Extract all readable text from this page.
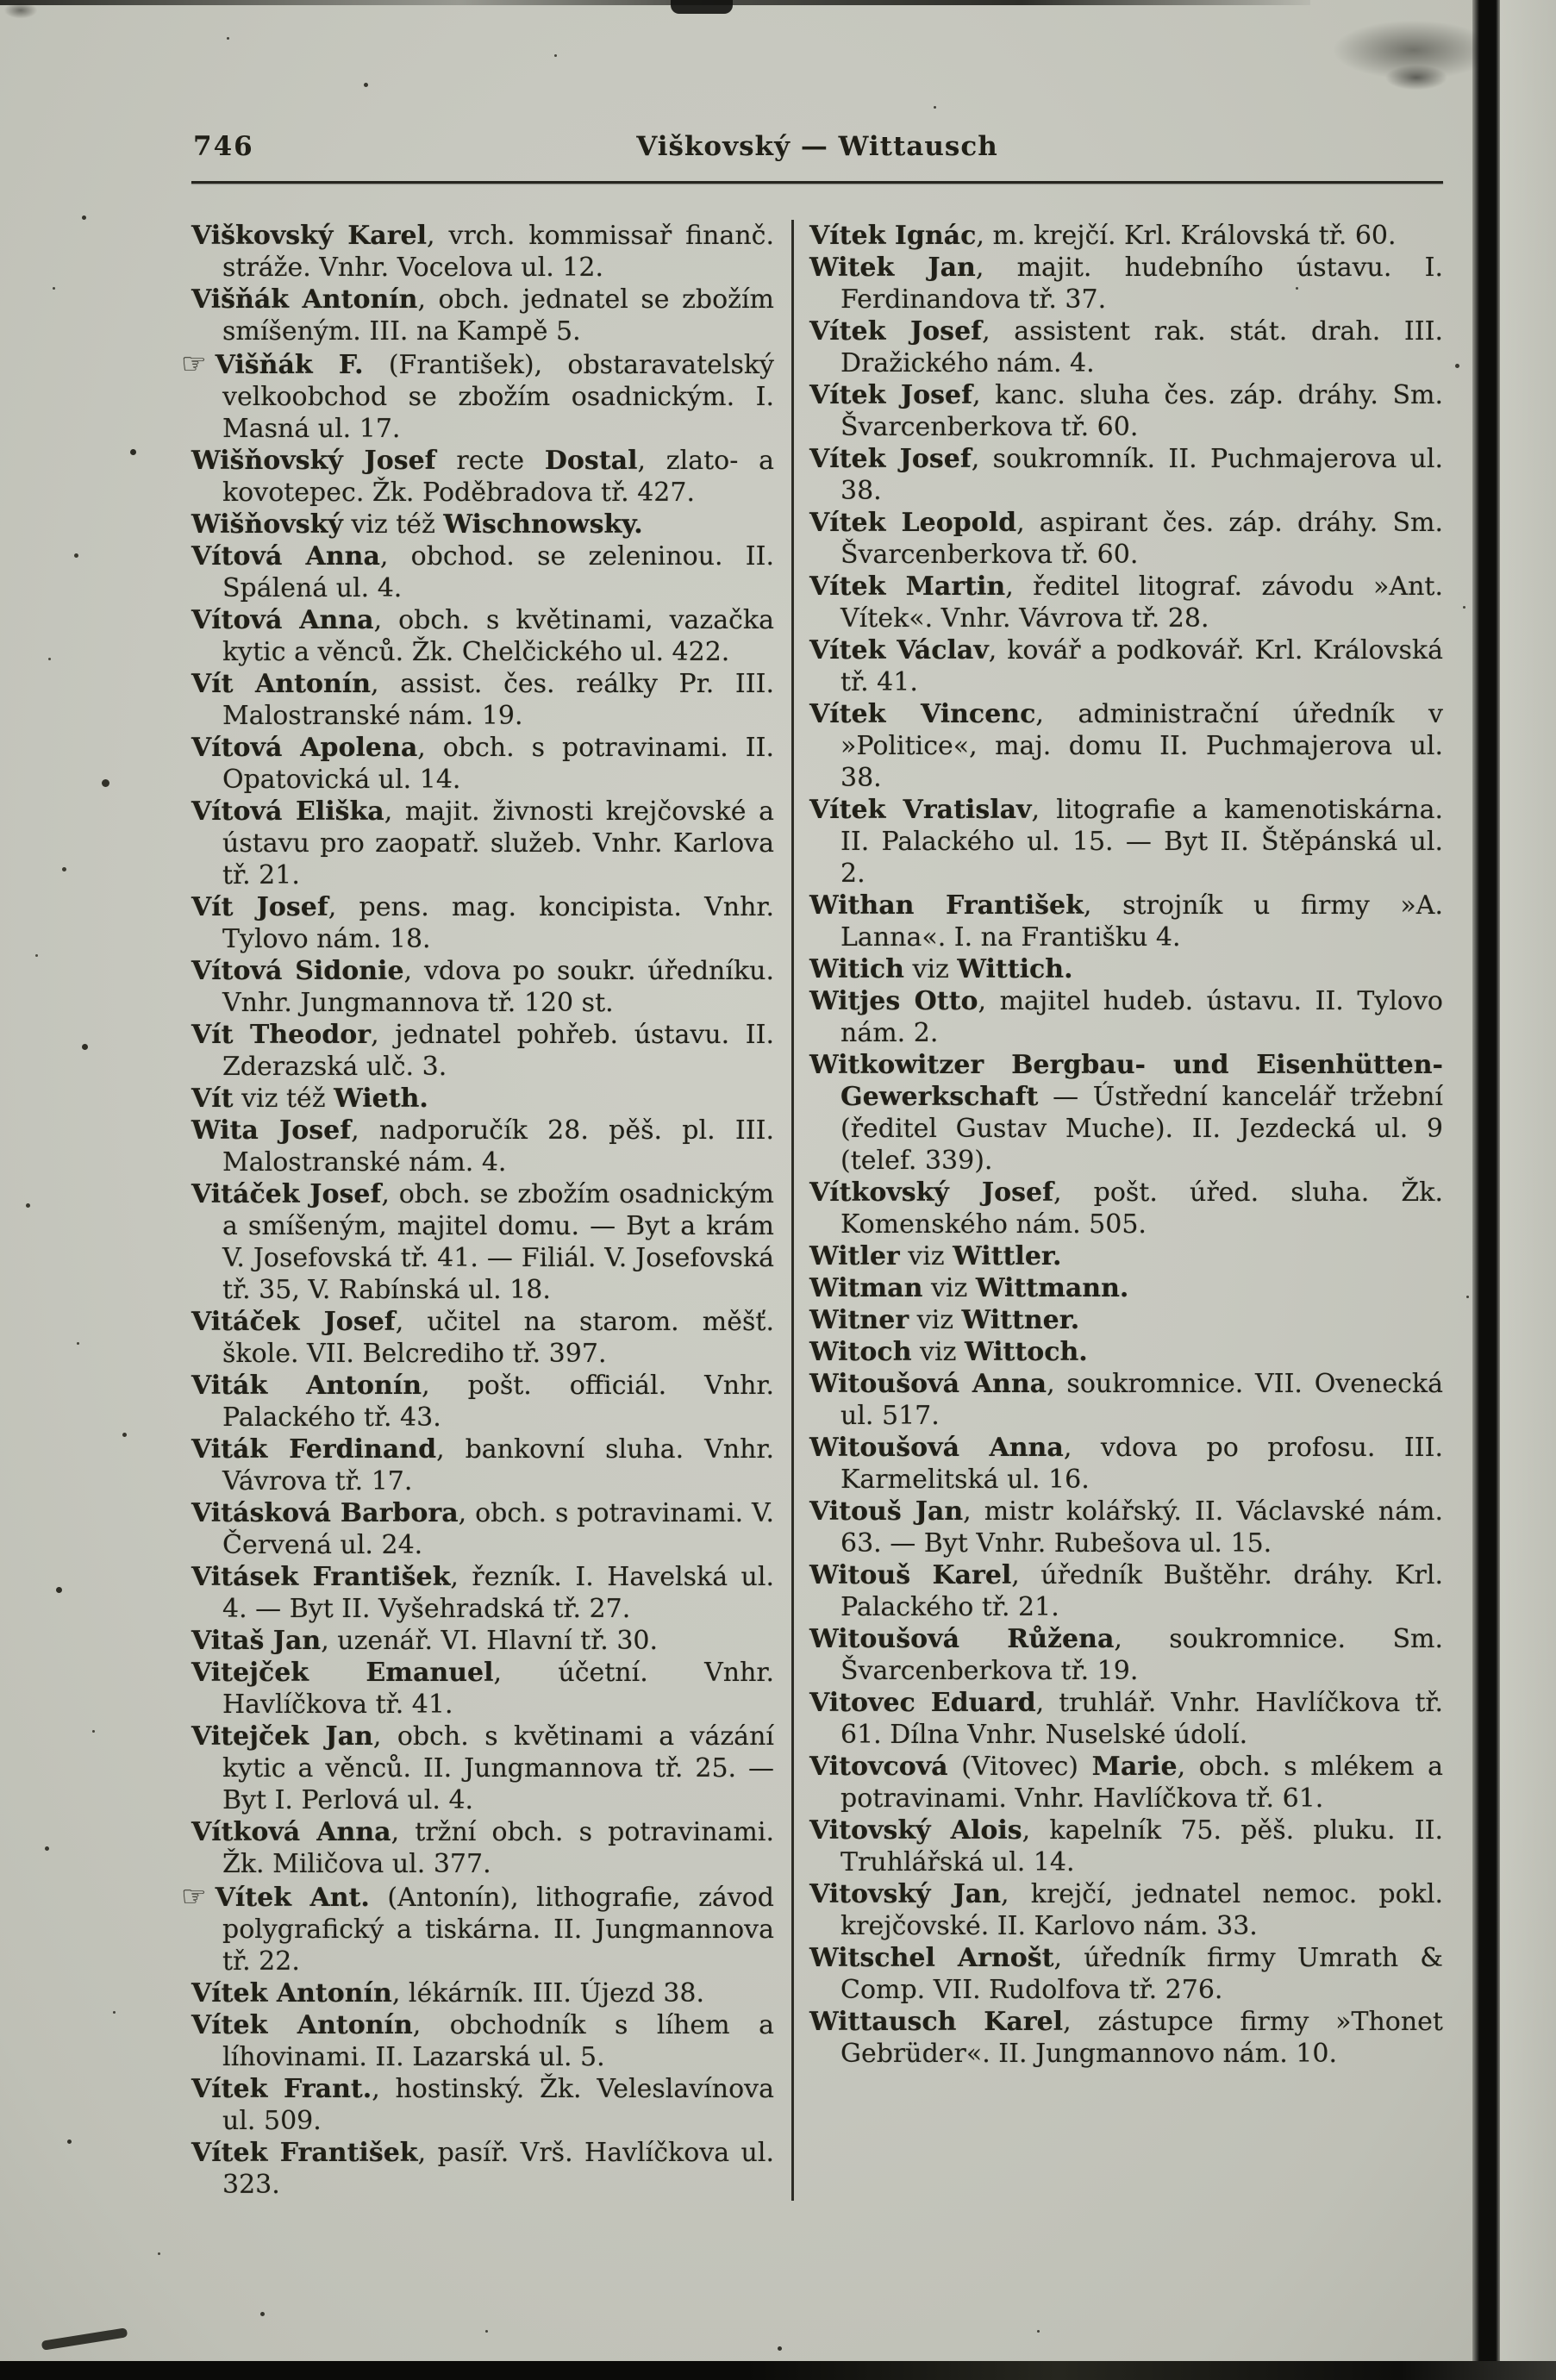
746	Viškovský — Wittausch

Viškovský Karel, vrch. kommissař finanč. stráže. Vnhr. Vocelova ul. 12.

Višňák Antonín, obch. jednatel se zbožím smíšeným. III. na Kampě 5.

☞ Višňák F. (František), obstaravatelský velkoobchod se zbožím osadnickým. I. Masná ul. 17.

Wišňovský Josef recte Dostal, zlato- a kovotepec. Žk. Poděbradova tř. 427.

Wišňovský viz též Wischnowsky.

Vítová Anna, obchod. se zeleninou. II. Spálená ul. 4.

Vítová Anna, obch. s květinami, vazačka kytic a věnců. Žk. Chelčického ul. 422.

Vít Antonín, assist. čes. reálky Pr. III. Malostranské nám. 19.

Vítová Apolena, obch. s potravinami. II. Opatovická ul. 14.

Vítová Eliška, majit. živnosti krejčovské a ústavu pro zaopatř. služeb. Vnhr. Karlova tř. 21.

Vít Josef, pens. mag. koncipista. Vnhr. Tylovo nám. 18.

Vítová Sidonie, vdova po soukr. úředníku. Vnhr. Jungmannova tř. 120 st.

Vít Theodor, jednatel pohřeb. ústavu. II. Zderazská ulč. 3.

Vít viz též Wieth.

Wita Josef, nadporučík 28. pěš. pl. III. Malostranské nám. 4.

Vitáček Josef, obch. se zbožím osadnickým a smíšeným, majitel domu. — Byt a krám V. Josefovská tř. 41. — Filiál. V. Josefovská tř. 35, V. Rabínská ul. 18.

Vitáček Josef, učitel na starom. měšť. škole. VII. Belcrediho tř. 397.

Viták Antonín, pošt. officiál. Vnhr. Palackého tř. 43.

Viták Ferdinand, bankovní sluha. Vnhr. Vávrova tř. 17.

Vitásková Barbora, obch. s potravinami. V. Červená ul. 24.

Vitásek František, řezník. I. Havelská ul. 4. — Byt II. Vyšehradská tř. 27.

Vitaš Jan, uzenář. VI. Hlavní tř. 30.

Vitejček Emanuel, účetní. Vnhr. Havlíčkova tř. 41.

Vitejček Jan, obch. s květinami a vázání kytic a věnců. II. Jungmannova tř. 25. — Byt I. Perlová ul. 4.

Vítková Anna, tržní obch. s potravinami. Žk. Miličova ul. 377.

☞ Vítek Ant. (Antonín), lithografie, závod polygrafický a tiskárna. II. Jungmannova tř. 22.

Vítek Antonín, lékárník. III. Újezd 38.

Vítek Antonín, obchodník s líhem a líhovinami. II. Lazarská ul. 5.

Vítek Frant., hostinský. Žk. Veleslavínova ul. 509.

Vítek František, pasíř. Vrš. Havlíčkova ul. 323.

Vítek Ignác, m. krejčí. Krl. Královská tř. 60.

Witek Jan, majit. hudebního ústavu. I. Ferdinandova tř. 37.

Vítek Josef, assistent rak. stát. drah. III. Dražického nám. 4.

Vítek Josef, kanc. sluha čes. záp. dráhy. Sm. Švarcenberkova tř. 60.

Vítek Josef, soukromník. II. Puchmajerova ul. 38.

Vítek Leopold, aspirant čes. záp. dráhy. Sm. Švarcenberkova tř. 60.

Vítek Martin, ředitel litograf. závodu »Ant. Vítek«. Vnhr. Vávrova tř. 28.

Vítek Václav, kovář a podkovář. Krl. Královská tř. 41.

Vítek Vincenc, administrační úředník v »Politice«, maj. domu II. Puchmajerova ul. 38.

Vítek Vratislav, litografie a kamenotiskárna. II. Palackého ul. 15. — Byt II. Štěpánská ul. 2.

Withan František, strojník u firmy »A. Lanna«. I. na Františku 4.

Witich viz Wittich.

Witjes Otto, majitel hudeb. ústavu. II. Tylovo nám. 2.

Witkowitzer Bergbau- und Eisenhütten-Gewerkschaft — Ústřední kancelář tržební (ředitel Gustav Muche). II. Jezdecká ul. 9 (telef. 339).

Vítkovský Josef, pošt. úřed. sluha. Žk. Komenského nám. 505.

Witler viz Wittler.

Witman viz Wittmann.

Witner viz Wittner.

Witoch viz Wittoch.

Witoušová Anna, soukromnice. VII. Ovenecká ul. 517.

Witoušová Anna, vdova po profosu. III. Karmelitská ul. 16.

Vitouš Jan, mistr kolářský. II. Václavské nám. 63. — Byt Vnhr. Rubešova ul. 15.

Witouš Karel, úředník Buštěhr. dráhy. Krl. Palackého tř. 21.

Witoušová Růžena, soukromnice. Sm. Švarcenberkova tř. 19.

Vitovec Eduard, truhlář. Vnhr. Havlíčkova tř. 61. Dílna Vnhr. Nuselské údolí.

Vitovcová (Vitovec) Marie, obch. s mlékem a potravinami. Vnhr. Havlíčkova tř. 61.

Vitovský Alois, kapelník 75. pěš. pluku. II. Truhlářská ul. 14.

Vitovský Jan, krejčí, jednatel nemoc. pokl. krejčovské. II. Karlovo nám. 33.

Witschel Arnošt, úředník firmy Umrath & Comp. VII. Rudolfova tř. 276.

Wittausch Karel, zástupce firmy »Thonet Gebrüder«. II. Jungmannovo nám. 10.
